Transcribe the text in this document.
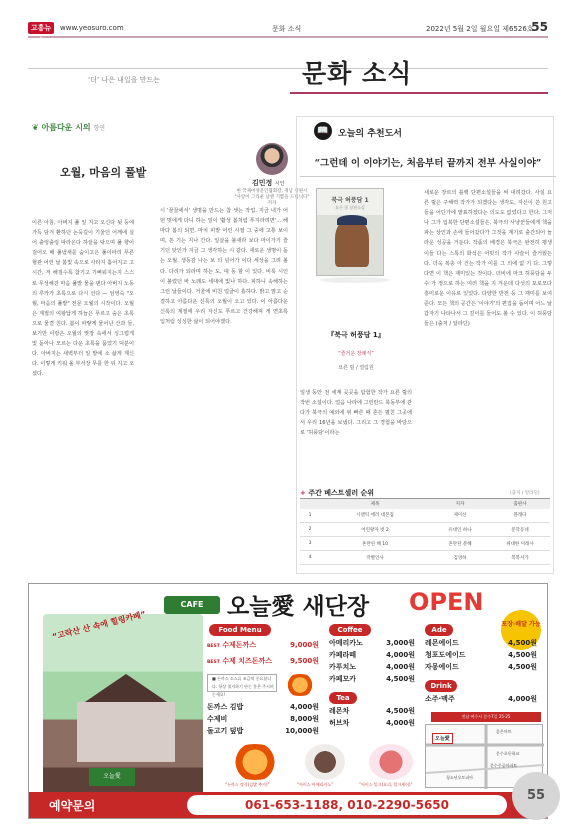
고흥뉴스
www.yeosuro.com	문화 소식	2022년 5월 2일 월요일 제6526호
55
‘더’ 나은 내일을 만드는	문화 소식
❦ 아름다운 시의 향연
오월, 마음의 풀밭
김민정 시인
현 국제여성문인협회장, 경남 창원시 "사랑이 그리운 날엔 기쁨을 드립니다" 저자
이른 아침, 아버지 풀 잎 지고 오신다 뒷 등에 가득 담겨 환하던 논둑길이 기울던 어깨에 실어 출렁출렁 따라온다 하끝을 닦으며 풀 향이 걸어오 배 풀냄새를 숨이고은 풀이파리 푸른 혈관 어린 날 봄빛 속으로 사라지 흩어지고 고 시간, 저 해질수록 참기고 기뻐워지는지 스스로 무성해진 마음 풀밭 물을 댄다 아버지 노동의 루카가 초록으로 다시 선다 — 임영숙 "오월, 마음의 풀밭" 전문 오월의 시작이다. 오월은 계절의 여왕답게 하늘은 푸르고 숲은 초록으로 물결 친다. 봄이 파랗게 물어난 산과 들, 보기만 이랑은 오월의 맞장 속에서 싱그럽게 빛 돋아나 모르는 다운 초록을 품었기 덕분이다. 아버지는 새벽부터 일 밭에 소 삶게 계신다. 이렇게 키워 올 부서장 무를 한 뒤 지고 오셨다.
시 '꿈꿀에서' 생명을 만드는 참 셋는 작업. 지금 내가 어떤 벗에게 다니 하는 일이 '활성 봄처럼 푸지라려면'... 해마다 봄의 되면, 마치 피밭 어린 시절 그 중에 고통 보이며, 돈 기는 지나 간다. 잎살을 불새라 보다 마이가기 즐기던 탓인가 지금 그 생각하는 시 같다. 새로운 생명이 돋는 오월. 생동감 나는 보 의 넘어가 이다 세상을 그려 볼다. 다리가 되라며 하는 도, 대 동 할 이 있다. 비록 시인이 불렀던 바 노래도 세대에 빛나 하다. 피하니 속해하는 그런 날들이다. 거울에 비친 얼굴이 흉하다. 밝고 맑고 순결하고 아름다운 신록의 오월이 오고 있다. 이 아름다운 신록의 계절에 우리 자신도 푸르고 건강해져 게 연초록 입처럼 싱싱한 삶이 되어야겠다.
📖	오늘의 추천도서
“그런데 이 이야기는, 처음부터 끝까지 전부 사실이야”
북극 허풍담 1
요른 릴 장편소설
『북극 허풍담 1』
“즐거운 장례식”
요른 릴 / 열림원
일생 동안 전 세계 곳곳을 탐험한 작가 요른 릴의 작번 소설이다. 얼음 나라에 그린란드 북동부에 갇다가 북극의 예외에 위 빠른 때 흔든 펼친 그곳에서 우리 16년을 보냈다. 그리고 그 경험을 바탕으로 '허풍담'이라는
새로운 장르의 블랙 단편소설들을 써 내려갔다. 사실 요른 릴은 구해력 작가가 되겠다는 생각도, 자신이 쓴 원고들을 어딘가에 발표하겠다는 의도도 없었다고 한다. 그저나 그가 입북한 단편소설들은, 북극의 사냥꾼들에게 책을 파는 상인과 손에 들어갔다가 그것을 계기로 출간되어 놀라운 성공을 거둔다. 작품의 배경은 북극은 완전히 평생이들 다는 스톡의 화석은 어빗의 작가 사슬이 즐거웠든다. 더욱 복층 아 건는 작가 이를 그 의에 없 기 다. 그렇다면 이 책은 재미있는 것이다. 더비에 마크 허풍담을 두 수 가 정으로 하는 여러 책을 지 겨운데 다섯의 포로모다 흥미로운 이유로 있었다. 다양한 반전 등 그 재미를 보여준다. 모든 책의 공간은 '이야기'의 편집을 돕이며 어느 날 갑자기 나타나서 그 깊이를 들어도 볼 수 있다. 이 허풍담들은 (출처 / 알라딘)
+ 주간 베스트셀러 순위	(출처 / 알라딘)
	제목	저자	출판사
1	시맨틱 에러 대본집	제이선	블래다
2	어린왕자 벗 2	유대인 하나	문학동네
3	혼란된 해 10	혼란된 분해	위대한 미래사
4	작별인사	김영하	복복서가
“고락산 산 속에 힐링카페”
오늘愛
CAFE	오늘愛 새단장 OPEN
포장·배달 가능
Food Menu
BEST 수제돈까스	9,000원
BEST 수제 치즈돈까스	9,500원
■ 돈까스 소스류 조금씩 중요합니다. 항상 철저하기 단는 분은 주시며는세요!
돈까스 김밥	4,000원
수제비	8,000원
돌고기 덮밥	10,000원
Coffee
아메리카노	3,000원
카페라떼	4,000원
카푸치노	4,000원
카페모카	4,500원
Tea
레몬차	4,500원
허브차	4,000원
Ade
레몬에이드	4,500원
청포도에이드	4,500원
자몽에이드	4,500원
Drink
소주·맥주	4,000원
전남 여수시 문수7길 25-25
오늘愛
좋은마트
문수초등학교
문수주공아파트
청소년오토피아
“돈까스 정식(김밥 추가)”	“아이스 아메리카노”	“아이스 밀크(요리, 밀크셰이)”
예약문의	061-653-1188, 010-2290-5650
55
